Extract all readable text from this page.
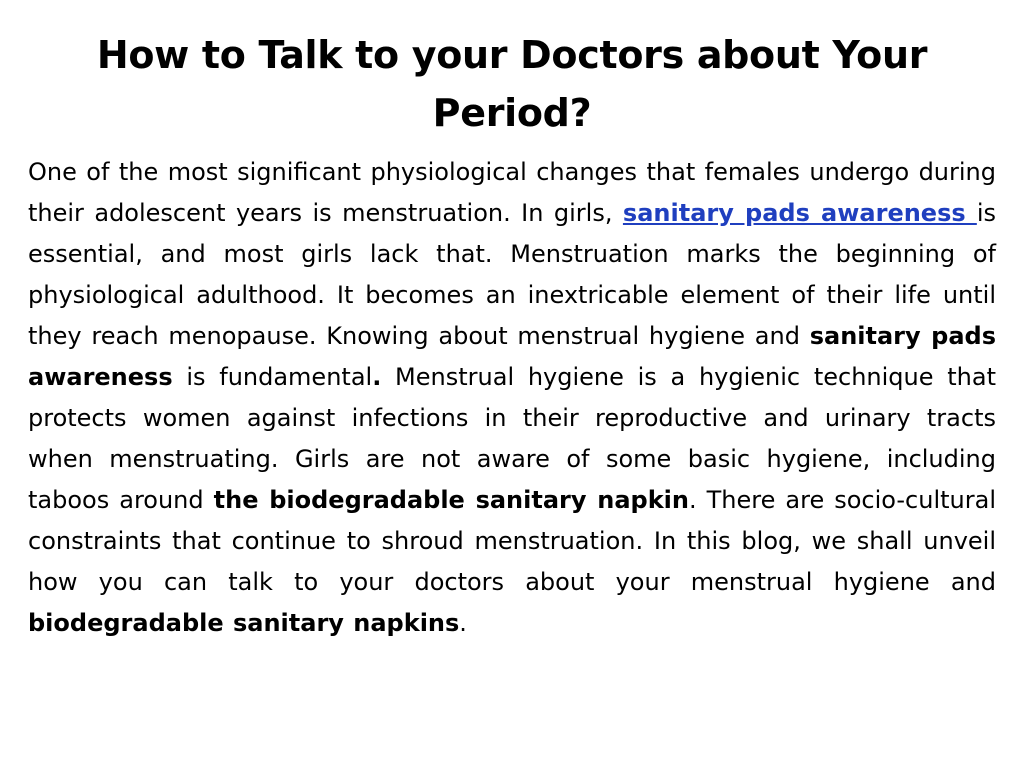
How to Talk to your Doctors about Your Period?

One of the most significant physiological changes that females undergo during their adolescent years is menstruation. In girls, sanitary pads awareness is essential, and most girls lack that. Menstruation marks the beginning of physiological adulthood. It becomes an inextricable element of their life until they reach menopause. Knowing about menstrual hygiene and sanitary pads awareness is fundamental. Menstrual hygiene is a hygienic technique that protects women against infections in their reproductive and urinary tracts when menstruating. Girls are not aware of some basic hygiene, including taboos around the biodegradable sanitary napkin. There are socio-cultural constraints that continue to shroud menstruation. In this blog, we shall unveil how you can talk to your doctors about your menstrual hygiene and biodegradable sanitary napkins.
